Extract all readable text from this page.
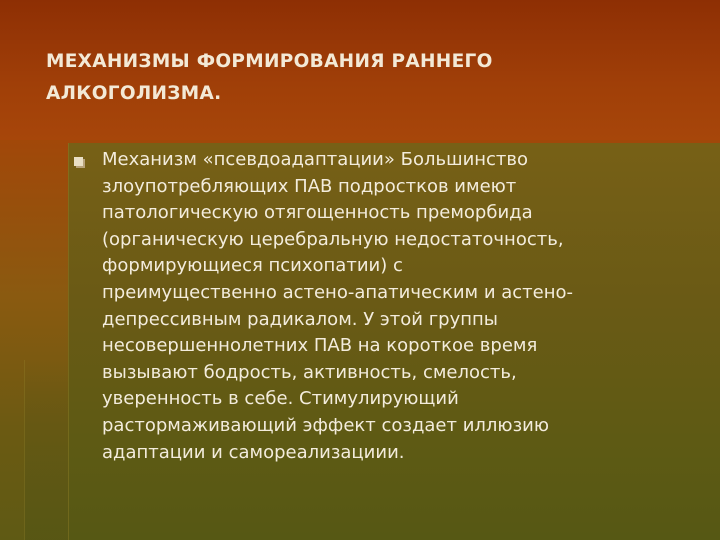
МЕХАНИЗМЫ ФОРМИРОВАНИЯ РАННЕГО
АЛКОГОЛИЗМА.
Механизм «псевдоадаптации» Большинство
злоупотребляющих ПАВ подростков имеют
патологическую отягощенность преморбида
(органическую церебральную недостаточность,
формирующиеся психопатии) с
преимущественно астено-апатическим и астено-
депрессивным радикалом. У этой группы
несовершеннолетних ПАВ на короткое время
вызывают бодрость, активность, смелость,
уверенность в себе. Стимулирующий
растормаживающий эффект создает иллюзию
адаптации и самореализациии.
